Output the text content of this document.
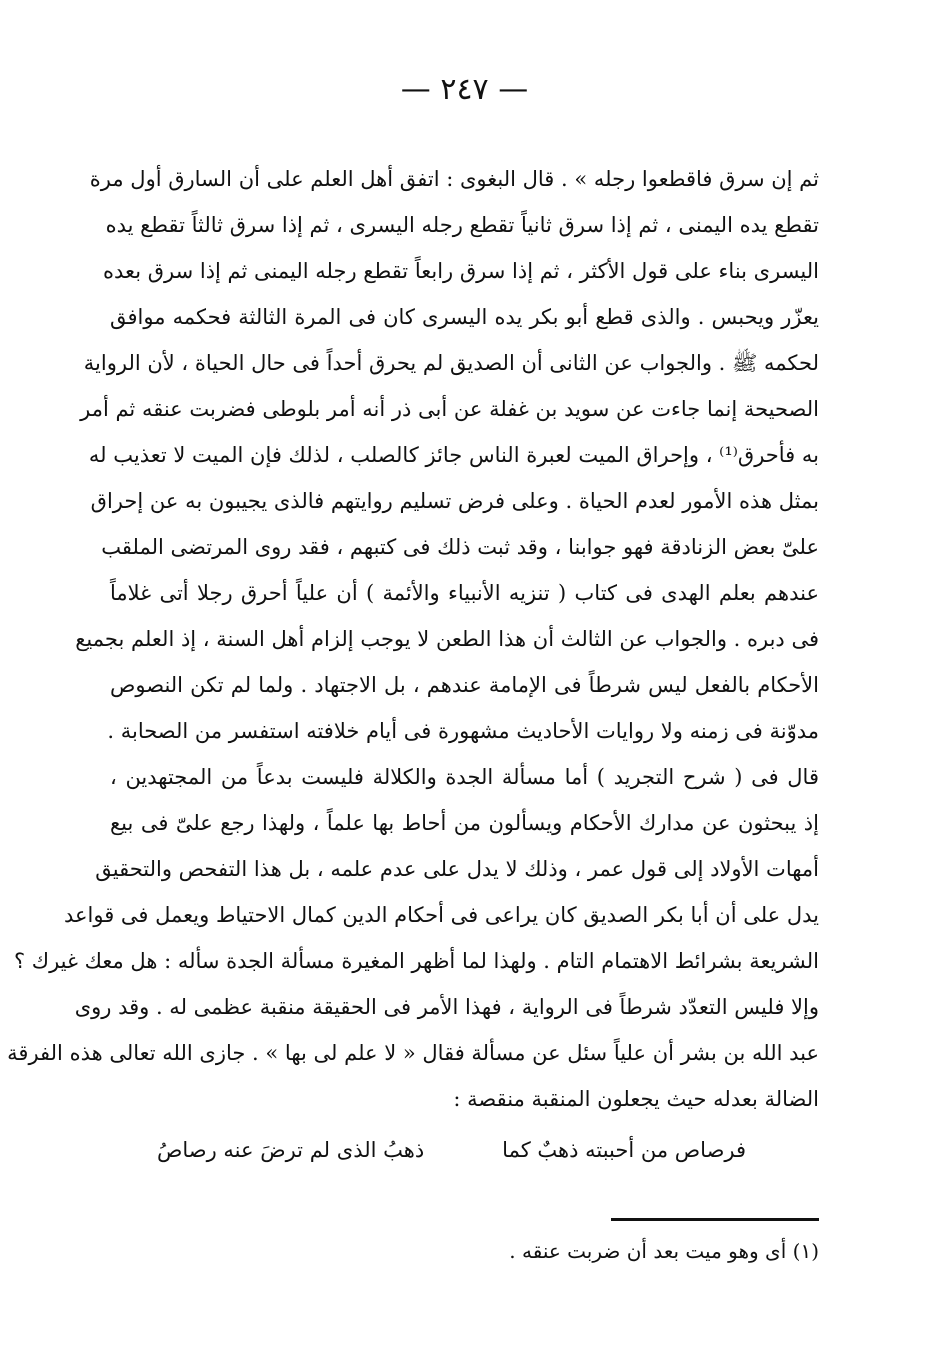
— ٢٤٧ —
ثم إن سرق فاقطعوا رجله » . قال البغوى : اتفق أهل العلم على أن السارق أول مرة
تقطع يده اليمنى ، ثم إذا سرق ثانياً تقطع رجله اليسرى ، ثم إذا سرق ثالثاً تقطع يده
اليسرى بناء على قول الأكثر ، ثم إذا سرق رابعاً تقطع رجله اليمنى ثم إذا سرق بعده
يعزّر ويحبس . والذى قطع أبو بكر يده اليسرى كان فى المرة الثالثة فحكمه موافق
لحكمه ﷺ . والجواب عن الثانى أن الصديق لم يحرق أحداً فى حال الحياة ، لأن الرواية
الصحيحة إنما جاءت عن سويد بن غفلة عن أبى ذر أنه أمر بلوطى فضربت عنقه ثم أمر
به فأحرق⁽¹⁾ ، وإحراق الميت لعبرة الناس جائز كالصلب ، لذلك فإن الميت لا تعذيب له
بمثل هذه الأمور لعدم الحياة . وعلى فرض تسليم روايتهم فالذى يجيبون به عن إحراق
علىّ بعض الزنادقة فهو جوابنا ، وقد ثبت ذلك فى كتبهم ، فقد روى المرتضى الملقب
عندهم بعلم الهدى فى كتاب ( تنزيه الأنبياء والأئمة ) أن علياً أحرق رجلا أتى غلاماً
فى دبره . والجواب عن الثالث أن هذا الطعن لا يوجب إلزام أهل السنة ، إذ العلم بجميع
الأحكام بالفعل ليس شرطاً فى الإمامة عندهم ، بل الاجتهاد . ولما لم تكن النصوص
مدوّنة فى زمنه ولا روايات الأحاديث مشهورة فى أيام خلافته استفسر من الصحابة .
قال فى ( شرح التجريد ) أما مسألة الجدة والكلالة فليست بدعاً من المجتهدين ،
إذ يبحثون عن مدارك الأحكام ويسألون من أحاط بها علماً ، ولهذا رجع علىّ فى بيع
أمهات الأولاد إلى قول عمر ، وذلك لا يدل على عدم علمه ، بل هذا التفحص والتحقيق
يدل على أن أبا بكر الصديق كان يراعى فى أحكام الدين كمال الاحتياط ويعمل فى قواعد
الشريعة بشرائط الاهتمام التام . ولهذا لما أظهر المغيرة مسألة الجدة سأله : هل معك غيرك ؟
وإلا فليس التعدّد شرطاً فى الرواية ، فهذا الأمر فى الحقيقة منقبة عظمى له . وقد روى
عبد الله بن بشر أن علياً سئل عن مسألة فقال « لا علم لى بها » . جازى الله تعالى هذه الفرقة
الضالة بعدله حيث يجعلون المنقبة منقصة :
فرصاص من أحببته ذهبٌ كما
ذهبُ الذى لم ترضَ عنه رصاصُ
(١) أى وهو ميت بعد أن ضربت عنقه .
